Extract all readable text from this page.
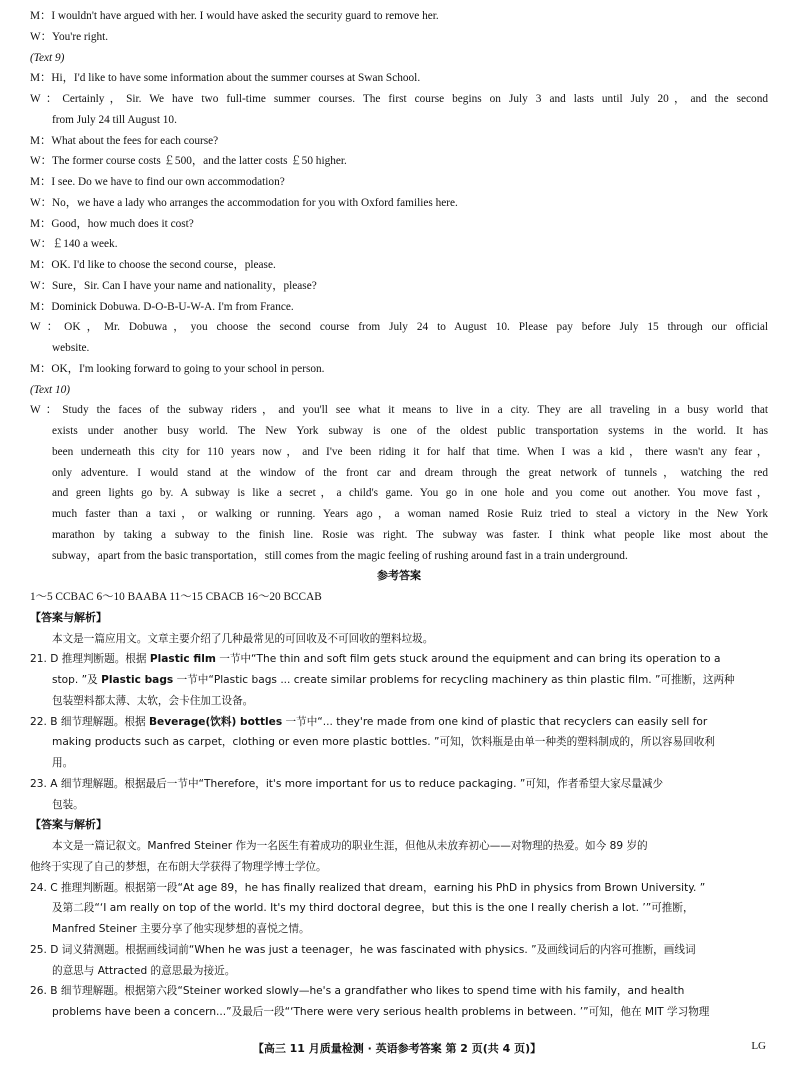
M：I wouldn't have argued with her. I would have asked the security guard to remove her.
W：You're right.
(Text 9)
M：Hi，I'd like to have some information about the summer courses at Swan School.
W：Certainly，Sir. We have two full-time summer courses. The first course begins on July 3 and lasts until July 20，and the second
from July 24 till August 10.
M：What about the fees for each course?
W：The former course costs ￡500，and the latter costs ￡50 higher.
M：I see. Do we have to find our own accommodation?
W：No，we have a lady who arranges the accommodation for you with Oxford families here.
M：Good，how much does it cost?
W：￡140 a week.
M：OK. I'd like to choose the second course，please.
W：Sure，Sir. Can I have your name and nationality，please?
M：Dominick Dobuwa. D-O-B-U-W-A. I'm from France.
W：OK，Mr. Dobuwa，you choose the second course from July 24 to August 10. Please pay before July 15 through our official
website.
M：OK，I'm looking forward to going to your school in person.
(Text 10)
W：Study the faces of the subway riders，and you'll see what it means to live in a city. They are all traveling in a busy world that
exists under another busy world. The New York subway is one of the oldest public transportation systems in the world. It has
been underneath this city for 110 years now，and I've been riding it for half that time. When I was a kid，there wasn't any fear，
only adventure. I would stand at the window of the front car and dream through the great network of tunnels，watching the red
and green lights go by. A subway is like a secret，a child's game. You go in one hole and you come out another. You move fast，
much faster than a taxi，or walking or running. Years ago，a woman named Rosie Ruiz tried to steal a victory in the New York
marathon by taking a subway to the finish line. Rosie was right. The subway was faster. I think what people like most about the
subway，apart from the basic transportation，still comes from the magic feeling of rushing around fast in a train underground.
参考答案
1～5 CCBAC 6～10 BAABA 11～15 CBACB 16～20 BCCAB
【答案与解析】
本文是一篇应用文。文章主要介绍了几种最常见的可回收及不可回收的塑料垃圾。
21. D 推理判断题。根据 Plastic film 一节中“The thin and soft film gets stuck around the equipment and can bring its operation to a
stop. ”及 Plastic bags 一节中“Plastic bags ... create similar problems for recycling machinery as thin plastic film. ”可推断，这两种
包装塑料都太薄、太软，会卡住加工设备。
22. B 细节理解题。根据 Beverage(饮料) bottles 一节中“... they're made from one kind of plastic that recyclers can easily sell for
making products such as carpet，clothing or even more plastic bottles. ”可知，饮料瓶是由单一种类的塑料制成的，所以容易回收利
用。
23. A 细节理解题。根据最后一节中“Therefore，it's more important for us to reduce packaging. ”可知，作者希望大家尽量减少
包装。
【答案与解析】
本文是一篇记叙文。Manfred Steiner 作为一名医生有着成功的职业生涯，但他从未放弃初心——对物理的热爱。如今 89 岁的
他终于实现了自己的梦想，在布朗大学获得了物理学博士学位。
24. C 推理判断题。根据第一段“At age 89，he has finally realized that dream，earning his PhD in physics from Brown University. ”
及第二段“‘I am really on top of the world. It's my third doctoral degree，but this is the one I really cherish a lot. ’”可推断，
Manfred Steiner 主要分享了他实现梦想的喜悦之情。
25. D 词义猜测题。根据画线词前“When he was just a teenager，he was fascinated with physics. ”及画线词后的内容可推断，画线词
的意思与 Attracted 的意思最为接近。
26. B 细节理解题。根据第六段“Steiner worked slowly—he's a grandfather who likes to spend time with his family，and health
problems have been a concern...”及最后一段“‘There were very serious health problems in between. ’”可知，他在 MIT 学习物理
【高三 11 月质量检测 · 英语参考答案 第 2 页(共 4 页)】	LG
